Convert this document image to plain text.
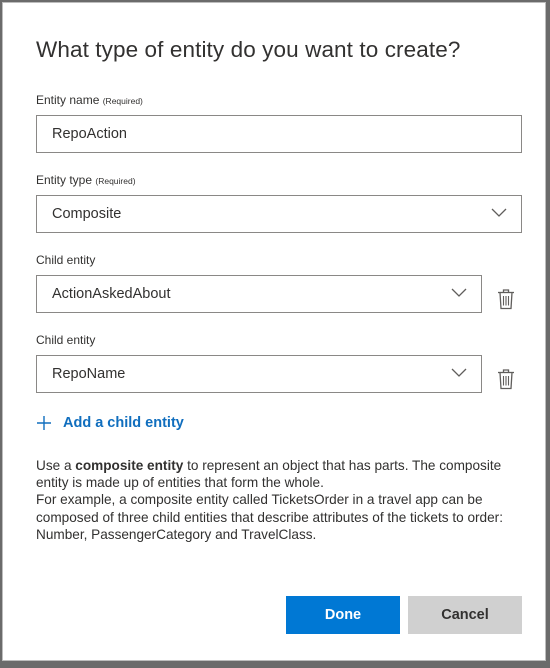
What type of entity do you want to create?
Entity name (Required)
RepoAction
Entity type (Required)
Composite
Child entity
ActionAskedAbout
Child entity
RepoName
Add a child entity

Use a composite entity to represent an object that has parts. The composite entity is made up of entities that form the whole.

For example, a composite entity called TicketsOrder in a travel app can be composed of three child entities that describe attributes of the tickets to order: Number, PassengerCategory and TravelClass.

Done	Cancel
